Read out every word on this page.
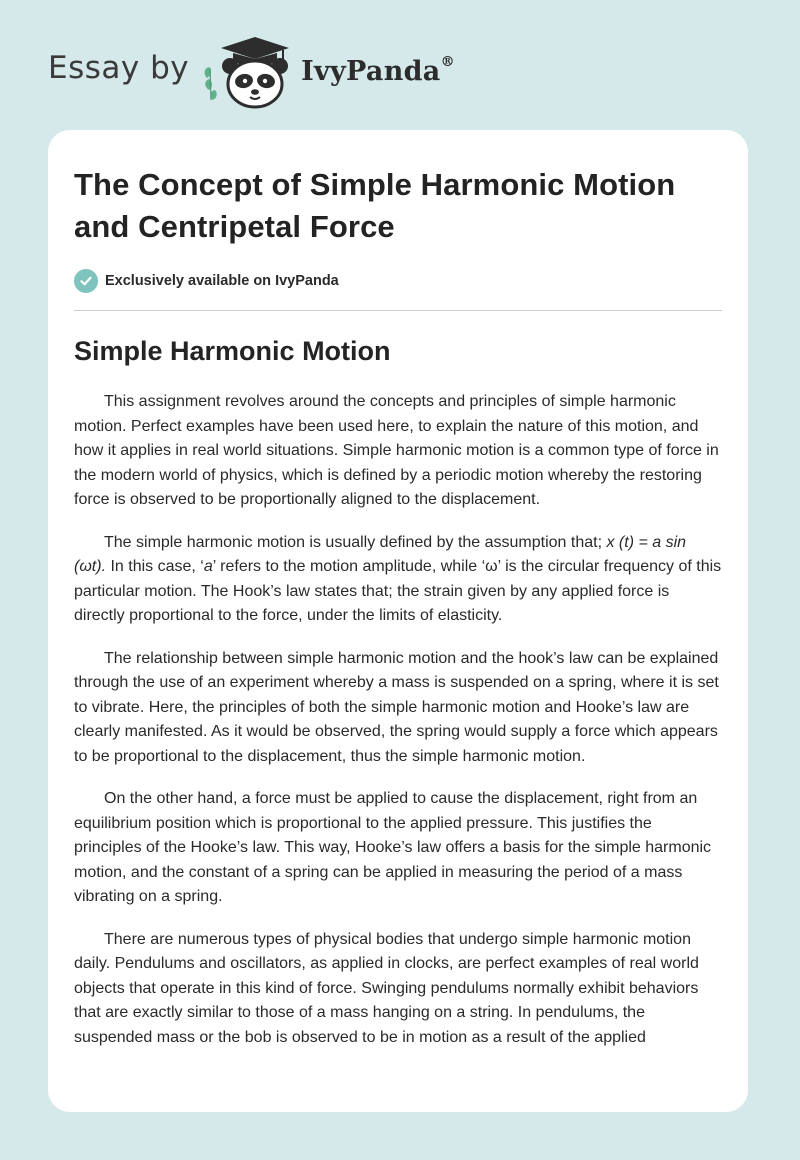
Essay by	IvyPanda®
The Concept of Simple Harmonic Motion and Centripetal Force
Exclusively available on IvyPanda
Simple Harmonic Motion

This assignment revolves around the concepts and principles of simple harmonic motion. Perfect examples have been used here, to explain the nature of this motion, and how it applies in real world situations. Simple harmonic motion is a common type of force in the modern world of physics, which is defined by a periodic motion whereby the restoring force is observed to be proportionally aligned to the displacement.

The simple harmonic motion is usually defined by the assumption that; x (t) = a sin (ωt). In this case, ‘a’ refers to the motion amplitude, while ‘ω’ is the circular frequency of this particular motion. The Hook’s law states that; the strain given by any applied force is directly proportional to the force, under the limits of elasticity.

The relationship between simple harmonic motion and the hook’s law can be explained through the use of an experiment whereby a mass is suspended on a spring, where it is set to vibrate. Here, the principles of both the simple harmonic motion and Hooke’s law are clearly manifested. As it would be observed, the spring would supply a force which appears to be proportional to the displacement, thus the simple harmonic motion.

On the other hand, a force must be applied to cause the displacement, right from an equilibrium position which is proportional to the applied pressure. This justifies the principles of the Hooke’s law. This way, Hooke’s law offers a basis for the simple harmonic motion, and the constant of a spring can be applied in measuring the period of a mass vibrating on a spring.

There are numerous types of physical bodies that undergo simple harmonic motion daily. Pendulums and oscillators, as applied in clocks, are perfect examples of real world objects that operate in this kind of force. Swinging pendulums normally exhibit behaviors that are exactly similar to those of a mass hanging on a string. In pendulums, the suspended mass or the bob is observed to be in motion as a result of the applied
